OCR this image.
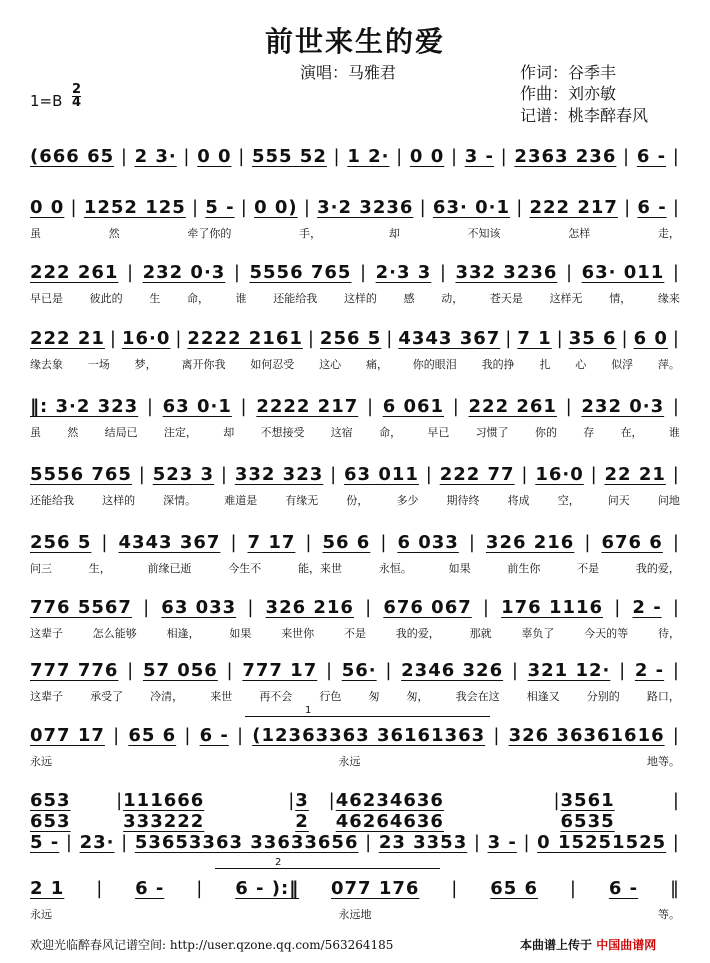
前世来生的爱
演唱：马雅君	作词：谷季丰
作曲：刘亦敏
记谱：桃李醉春风
1=B
2
4
(666 65 | 2 3· | 0 0 | 555 52 | 1 2· | 0 0 | 3 - | 2363 236 | 6 - |
0 0 | 1252 125 | 5 - | 0 0) | 3·2 3236 | 63· 0·1 | 222 217 | 6 - |
虽	然	牵了你的	手，	却	不知该	怎样	走，
222 261 | 232 0·3 | 5556 765 | 2·3 3 | 332 3236 | 63· 011 |
早已是 彼此的 生 命， 谁 还能给我 这样的 感 动， 苍天是 这样无 情， 缘来
222 21 | 16·0 | 2222 2161 | 256 5 | 4343 367 | 7 1 | 35 6 | 6 0 |
缘去象 一场 梦， 离开你我 如何忍受 这心 痛， 你的眼泪 我的挣 扎 心 似浮 萍。
‖: 3·2 323 | 63 0·1 | 2222 217 | 6 061 | 222 261 | 232 0·3 |
虽 然 结局已 注定， 却 不想接受 这宿 命， 早已 习惯了 你的 存 在， 谁
5556 765 | 523 3 | 332 323 | 63 011 | 222 77 | 16·0 | 22 21 |
还能给我	这样的	深情。	难道是	有缘无	份，	多少	期待终	将成	空，	问天	问地
256 5 | 4343 367 | 7 17 | 56 6 | 6 033 | 326 216 | 676 6 |
问三	生，	前缘已逝	今生不	能，来世	永恒。	如果	前生你	不是	我的爱，
776 5567 | 63 033 | 326 216 | 676 067 | 176 1116 | 2 - |
这辈子	怎么能够	相逢，	如果	来世你	不是	我的爱，	那就	辜负了	今天的等	待，
777 776 | 57 056 | 777 17 | 56· | 2346 326 | 321 12· | 2 - |
这辈子 承受了 冷清， 来世 再不会 行色 匆 匆， 我会在这 相逢又 分别的 路口，
077 17 | 65 6 | 6 - | (12363363 36161363 | 326 36361616 |
永远	永远	地等。
653 653
| 111666 333222
| 3 2
| 46234636 46264636
| 3561 6535
|
5 - | 23· | 53653363 33633656 | 23 3353 | 3 - | 0 15251525 |
2 1 | 6 - | 6 - ):‖ 077 176 | 65 6 | 6 - ‖
永远	永远地	等。
1
2
欢迎光临醉春风记谱空间: http://user.qzone.qq.com/563264185	本曲谱上传于 中国曲谱网
